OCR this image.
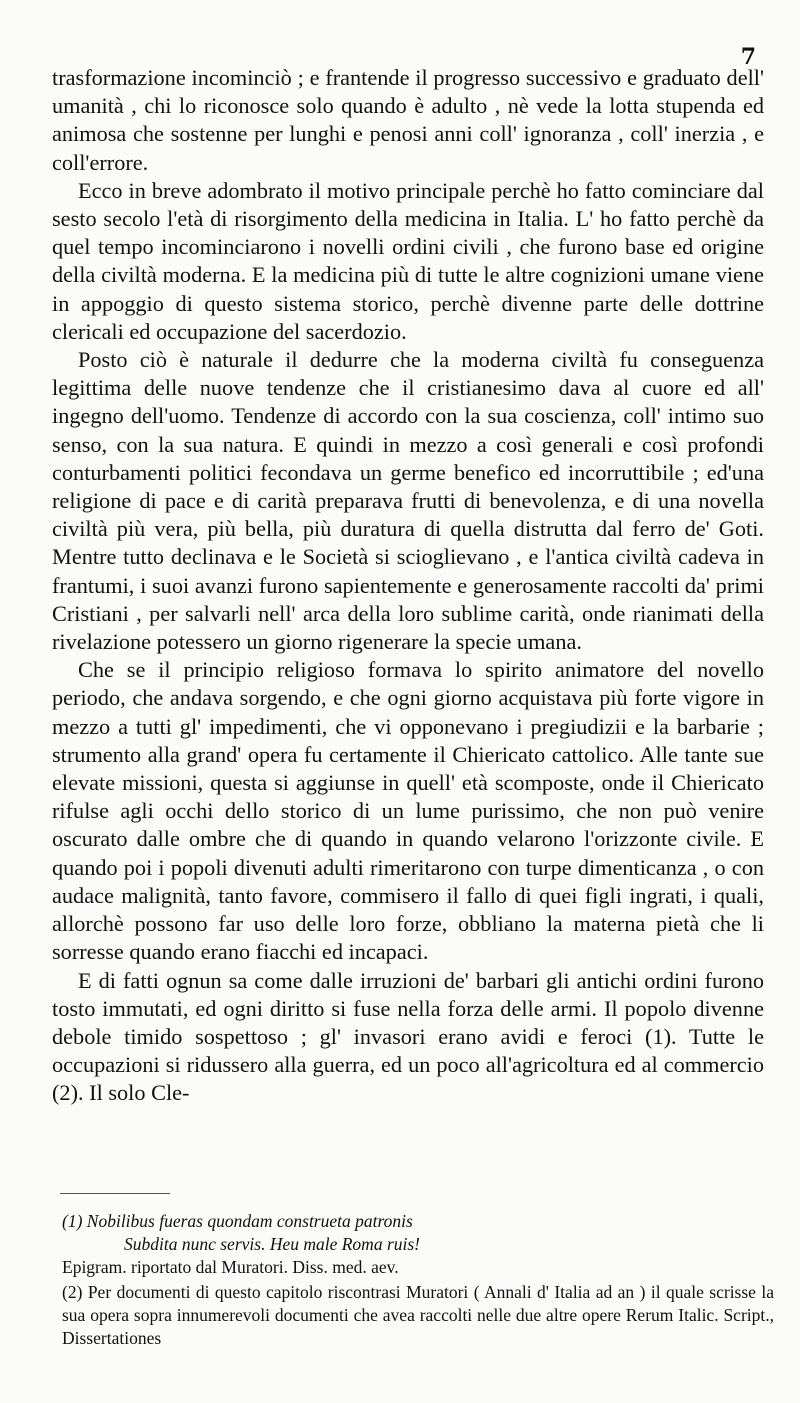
7

trasformazione incominciò ; e frantende il progresso successivo e graduato dell' umanità , chi lo riconosce solo quando è adulto , nè vede la lotta stupenda ed animosa che sostenne per lunghi e penosi anni coll' ignoranza , coll' inerzia , e coll'errore.

Ecco in breve adombrato il motivo principale perchè ho fatto cominciare dal sesto secolo l'età di risorgimento della medicina in Italia. L' ho fatto perchè da quel tempo incominciarono i novelli ordini civili , che furono base ed origine della civiltà moderna. E la medicina più di tutte le altre cognizioni umane viene in appoggio di questo sistema storico, perchè divenne parte delle dottrine clericali ed occupazione del sacerdozio.

Posto ciò è naturale il dedurre che la moderna civiltà fu conseguenza legittima delle nuove tendenze che il cristianesimo dava al cuore ed all' ingegno dell'uomo. Tendenze di accordo con la sua coscienza, coll' intimo suo senso, con la sua natura. E quindi in mezzo a così generali e così profondi conturbamenti politici fecondava un germe benefico ed incorruttibile ; ed'una religione di pace e di carità preparava frutti di benevolenza, e di una novella civiltà più vera, più bella, più duratura di quella distrutta dal ferro de' Goti. Mentre tutto declinava e le Società si scioglievano , e l'antica civiltà cadeva in frantumi, i suoi avanzi furono sapientemente e generosamente raccolti da' primi Cristiani , per salvarli nell' arca della loro sublime carità, onde rianimati della rivelazione potessero un giorno rigenerare la specie umana.

Che se il principio religioso formava lo spirito animatore del novello periodo, che andava sorgendo, e che ogni giorno acquistava più forte vigore in mezzo a tutti gl' impedimenti, che vi opponevano i pregiudizii e la barbarie ; strumento alla grand' opera fu certamente il Chiericato cattolico. Alle tante sue elevate missioni, questa si aggiunse in quell' età scomposte, onde il Chiericato rifulse agli occhi dello storico di un lume purissimo, che non può venire oscurato dalle ombre che di quando in quando velarono l'orizzonte civile. E quando poi i popoli divenuti adulti rimeritarono con turpe dimenticanza , o con audace malignità, tanto favore, commisero il fallo di quei figli ingrati, i quali, allorchè possono far uso delle loro forze, obbliano la materna pietà che li sorresse quando erano fiacchi ed incapaci.

E di fatti ognun sa come dalle irruzioni de' barbari gli antichi ordini furono tosto immutati, ed ogni diritto si fuse nella forza delle armi. Il popolo divenne debole timido sospettoso ; gl' invasori erano avidi e feroci (1). Tutte le occupazioni si ridussero alla guerra, ed un poco all'agricoltura ed al commercio (2). Il solo Cle-

(1) Nobilibus fueras quondam construeta patronis
Subdita nunc servis. Heu male Roma ruis!
Epigram. riportato dal Muratori. Diss. med. aev.
(2) Per documenti di questo capitolo riscontrasi Muratori ( Annali d' Italia ad an ) il quale scrisse la sua opera sopra innumerevoli documenti che avea raccolti nelle due altre opere Rerum Italic. Script., Dissertationes
